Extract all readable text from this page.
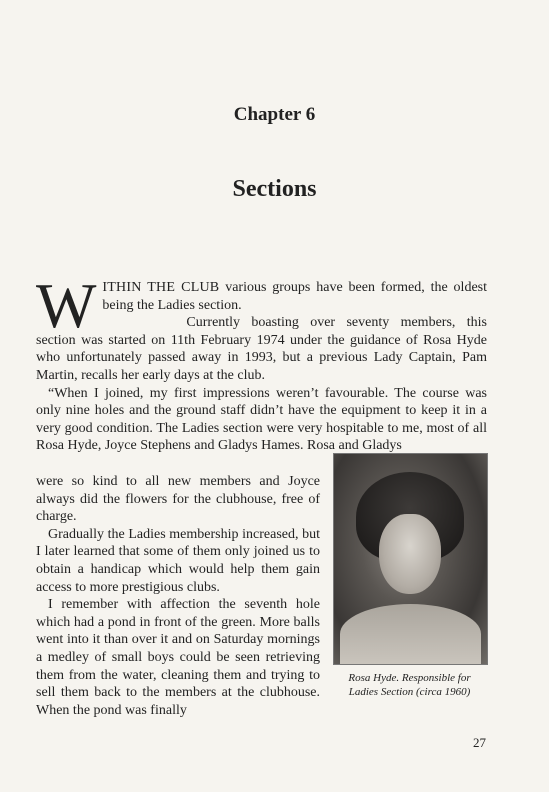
Chapter 6
Sections

WITHIN THE CLUB various groups have been formed, the oldest being the Ladies section.

Currently boasting over seventy members, this section was started on 11th February 1974 under the guidance of Rosa Hyde who unfortunately passed away in 1993, but a previous Lady Captain, Pam Martin, recalls her early days at the club.

“When I joined, my first impressions weren’t favourable. The course was only nine holes and the ground staff didn’t have the equipment to keep it in a very good condition. The Ladies section were very hospitable to me, most of all Rosa Hyde, Joyce Stephens and Gladys Hames. Rosa and Gladys

were so kind to all new members and Joyce always did the flowers for the clubhouse, free of charge.

Gradually the Ladies membership increased, but I later learned that some of them only joined us to obtain a handicap which would help them gain access to more prestigious clubs.

I remember with affection the seventh hole which had a pond in front of the green. More balls went into it than over it and on Saturday mornings a medley of small boys could be seen retrieving them from the water, cleaning them and trying to sell them back to the members at the clubhouse. When the pond was finally

Rosa Hyde. Responsible for Ladies Section (circa 1960)
27
